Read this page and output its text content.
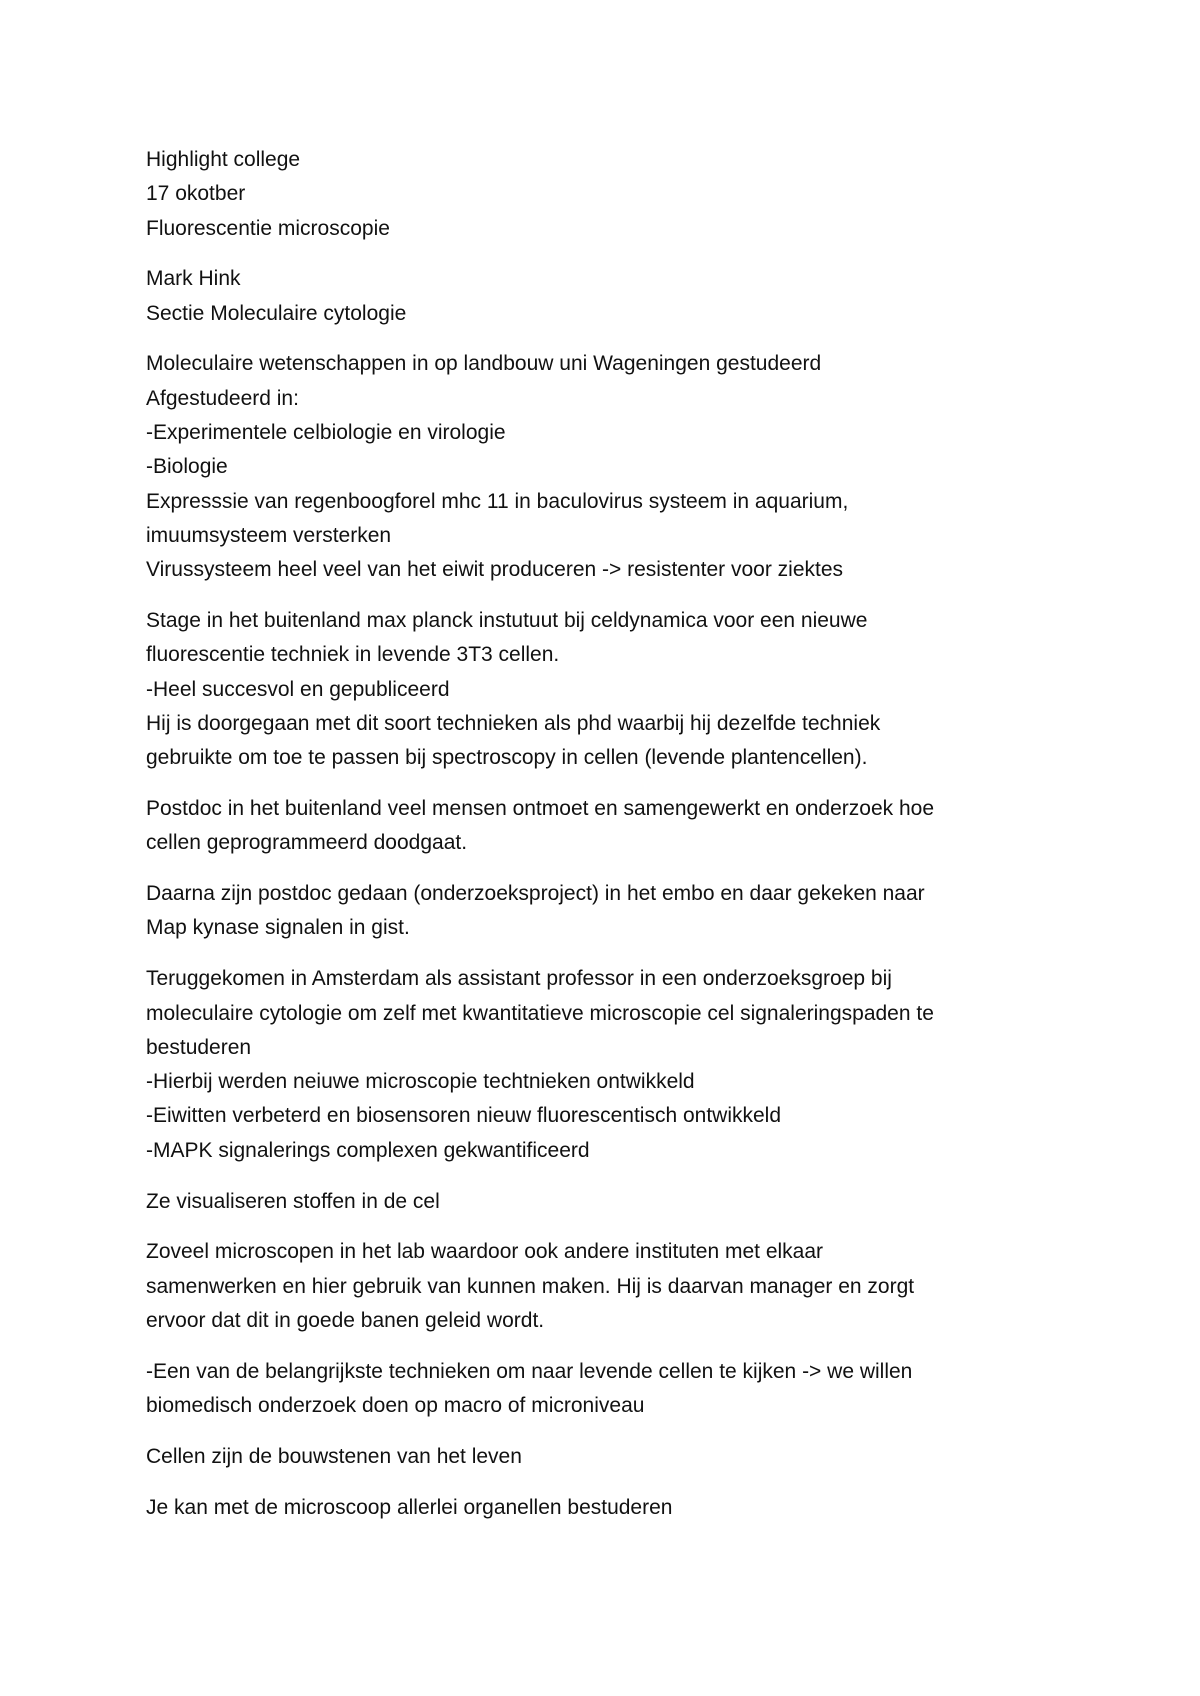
Highlight college
17 okotber
Fluorescentie microscopie
Mark Hink
Sectie Moleculaire cytologie
Moleculaire wetenschappen in op landbouw uni Wageningen gestudeerd
Afgestudeerd in:
-Experimentele celbiologie en virologie
-Biologie
Expresssie van regenboogforel mhc 11 in baculovirus systeem in aquarium,
imuumsysteem versterken
Virussysteem heel veel van het eiwit produceren -> resistenter voor ziektes
Stage in het buitenland max planck instutuut bij celdynamica voor een nieuwe
fluorescentie techniek in levende 3T3 cellen.
-Heel succesvol en gepubliceerd
Hij is doorgegaan met dit soort technieken als phd waarbij hij dezelfde techniek
gebruikte om toe te passen bij spectroscopy in cellen (levende plantencellen).
Postdoc in het buitenland veel mensen ontmoet en samengewerkt en onderzoek hoe
cellen geprogrammeerd doodgaat.
Daarna zijn postdoc gedaan (onderzoeksproject) in het embo en daar gekeken naar
Map kynase signalen in gist.
Teruggekomen in Amsterdam als assistant professor in een onderzoeksgroep bij
moleculaire cytologie om zelf met kwantitatieve microscopie cel signaleringspaden te
bestuderen
-Hierbij werden neiuwe microscopie techtnieken ontwikkeld
-Eiwitten verbeterd en biosensoren nieuw fluorescentisch ontwikkeld
-MAPK signalerings complexen gekwantificeerd
Ze visualiseren stoffen in de cel
Zoveel microscopen in het lab waardoor ook andere instituten met elkaar
samenwerken en hier gebruik van kunnen maken. Hij is daarvan manager en zorgt
ervoor dat dit in goede banen geleid wordt.
-Een van de belangrijkste technieken om naar levende cellen te kijken -> we willen
biomedisch onderzoek doen op macro of microniveau
Cellen zijn de bouwstenen van het leven
Je kan met de microscoop allerlei organellen bestuderen
